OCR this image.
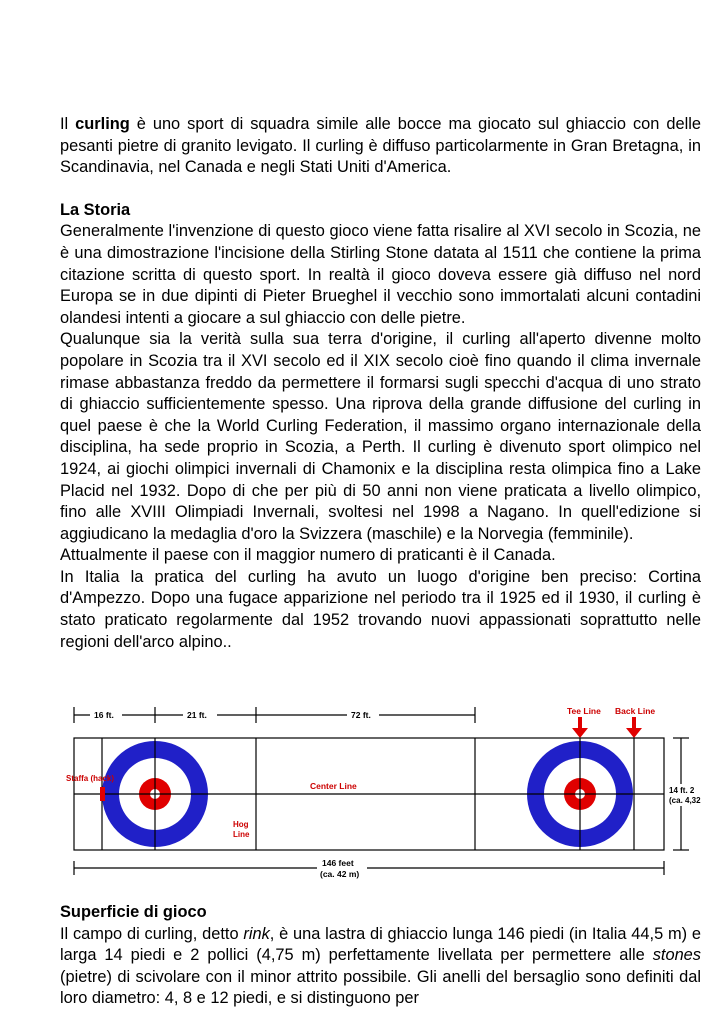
Il curling è uno sport di squadra simile alle bocce ma giocato sul ghiaccio con delle pesanti pietre di granito levigato. Il curling è diffuso particolarmente in Gran Bretagna, in Scandinavia, nel Canada e negli Stati Uniti d'America.

La Storia

Generalmente l'invenzione di questo gioco viene fatta risalire al XVI secolo in Scozia, ne è una dimostrazione l'incisione della Stirling Stone datata al 1511 che contiene la prima citazione scritta di questo sport. In realtà il gioco doveva essere già diffuso nel nord Europa se in due dipinti di Pieter Brueghel il vecchio sono immortalati alcuni contadini olandesi intenti a giocare a sul ghiaccio con delle pietre.

Qualunque sia la verità sulla sua terra d'origine, il curling all'aperto divenne molto popolare in Scozia tra il XVI secolo ed il XIX secolo cioè fino quando il clima invernale rimase abbastanza freddo da permettere il formarsi sugli specchi d'acqua di uno strato di ghiaccio sufficientemente spesso. Una riprova della grande diffusione del curling in quel paese è che la World Curling Federation, il massimo organo internazionale della disciplina, ha sede proprio in Scozia, a Perth. Il curling è divenuto sport olimpico nel 1924, ai giochi olimpici invernali di Chamonix e la disciplina resta olimpica fino a Lake Placid nel 1932. Dopo di che per più di 50 anni non viene praticata a livello olimpico, fino alle XVIII Olimpiadi Invernali, svoltesi nel 1998 a Nagano. In quell'edizione si aggiudicano la medaglia d'oro la Svizzera (maschile) e la Norvegia (femminile).

Attualmente il paese con il maggior numero di praticanti è il Canada.

In Italia la pratica del curling ha avuto un luogo d'origine ben preciso: Cortina d'Ampezzo. Dopo una fugace apparizione nel periodo tra il 1925 ed il 1930, il curling è stato praticato regolarmente dal 1952 trovando nuovi appassionati soprattutto nelle regioni dell'arco alpino..

16 ft.	21 ft.	72 ft.	Tee Line Back Line
Staffa (hack)
Center Line
Hog
Line
14 ft. 2
(ca. 4,32
146 feet
(ca. 42 m)
Superficie di gioco

Il campo di curling, detto rink, è una lastra di ghiaccio lunga 146 piedi (in Italia 44,5 m) e larga 14 piedi e 2 pollici (4,75 m) perfettamente livellata per permettere alle stones (pietre) di scivolare con il minor attrito possibile. Gli anelli del bersaglio sono definiti dal loro diametro: 4, 8 e 12 piedi, e si distinguono per
